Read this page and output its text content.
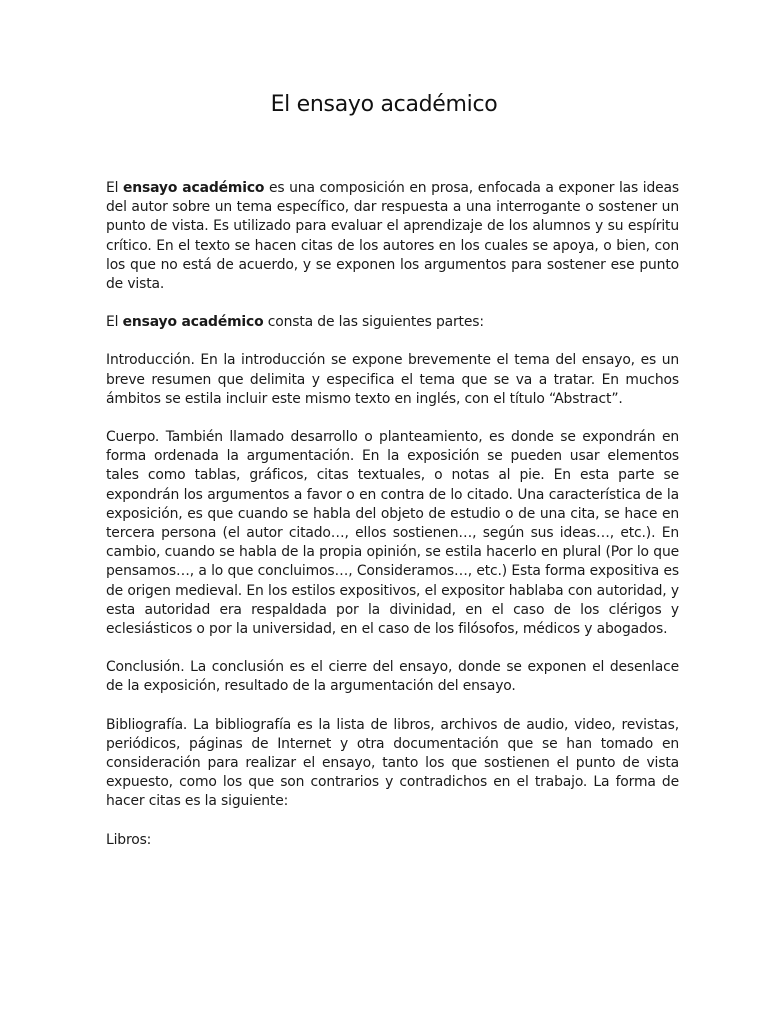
El ensayo académico

El ensayo académico es una composición en prosa, enfocada a exponer las ideas del autor sobre un tema específico, dar respuesta a una interrogante o sostener un punto de vista. Es utilizado para evaluar el aprendizaje de los alumnos y su espíritu crítico. En el texto se hacen citas de los autores en los cuales se apoya, o bien, con los que no está de acuerdo, y se exponen los argumentos para sostener ese punto de vista.

El ensayo académico consta de las siguientes partes:

Introducción. En la introducción se expone brevemente el tema del ensayo, es un breve resumen que delimita y especifica el tema que se va a tratar. En muchos ámbitos se estila incluir este mismo texto en inglés, con el título “Abstract”.

Cuerpo. También llamado desarrollo o planteamiento, es donde se expondrán en forma ordenada la argumentación. En la exposición se pueden usar elementos tales como tablas, gráficos, citas textuales, o notas al pie. En esta parte se expondrán los argumentos a favor o en contra de lo citado. Una característica de la exposición, es que cuando se habla del objeto de estudio o de una cita, se hace en tercera persona (el autor citado…, ellos sostienen…, según sus ideas…, etc.). En cambio, cuando se habla de la propia opinión, se estila hacerlo en plural (Por lo que pensamos…, a lo que concluimos…, Consideramos…, etc.) Esta forma expositiva es de origen medieval. En los estilos expositivos, el expositor hablaba con autoridad, y esta autoridad era respaldada por la divinidad, en el caso de los clérigos y eclesiásticos o por la universidad, en el caso de los filósofos, médicos y abogados.

Conclusión. La conclusión es el cierre del ensayo, donde se exponen el desenlace de la exposición, resultado de la argumentación del ensayo.

Bibliografía. La bibliografía es la lista de libros, archivos de audio, video, revistas, periódicos, páginas de Internet y otra documentación que se han tomado en consideración para realizar el ensayo, tanto los que sostienen el punto de vista expuesto, como los que son contrarios y contradichos en el trabajo. La forma de hacer citas es la siguiente:

Libros:
